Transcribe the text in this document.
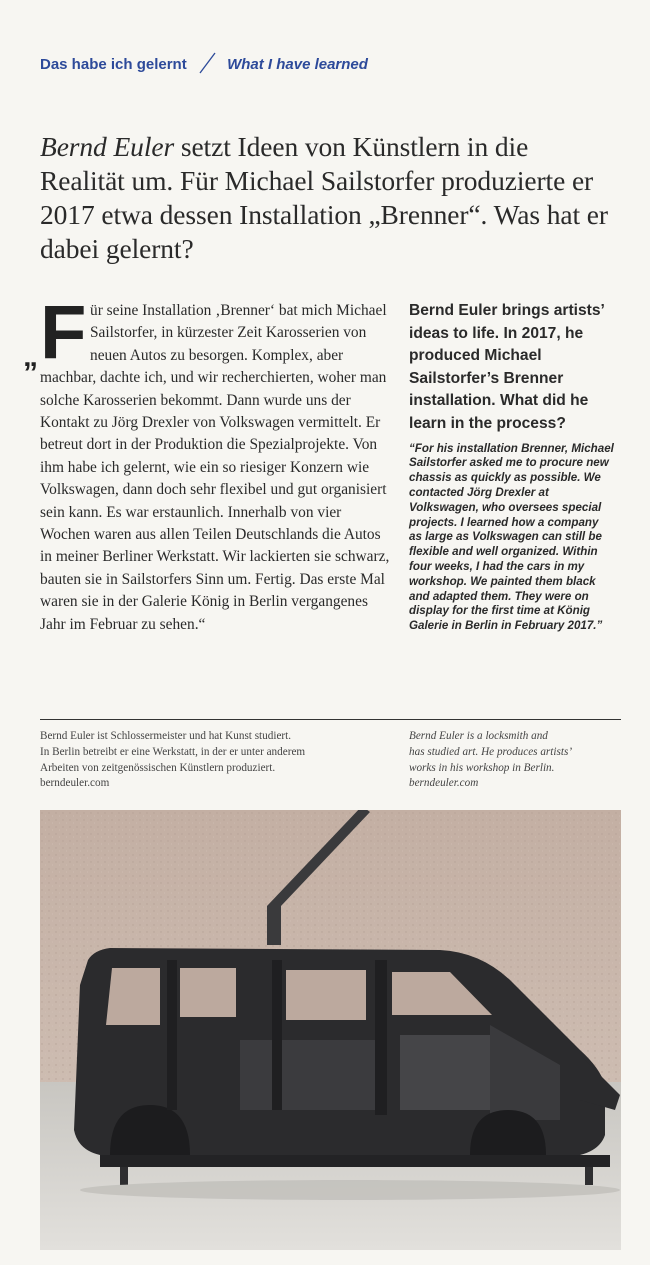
Das habe ich gelernt	What I have learned
Bernd Euler setzt Ideen von Künstlern in die Realität um. Für Michael Sailstorfer produzierte er 2017 etwa dessen Installation „Brenner“. Was hat er dabei gelernt?
„ F ür seine Installation ‚Brenner‘ bat mich Michael Sailstorfer, in kürzester Zeit Karosserien von neuen Autos zu besorgen. Komplex, aber machbar, dachte ich, und wir recherchierten, woher man solche Karosserien bekommt. Dann wurde uns der Kontakt zu Jörg Drexler von Volkswagen vermittelt. Er betreut dort in der Produktion die Spezialprojekte. Von ihm habe ich gelernt, wie ein so riesiger Konzern wie Volkswagen, dann doch sehr flexibel und gut organisiert sein kann. Es war erstaunlich. Innerhalb von vier Wochen waren aus allen Teilen Deutschlands die Autos in meiner Berliner Werkstatt. Wir lackierten sie schwarz, bauten sie in Sailstorfers Sinn um. Fertig. Das erste Mal waren sie in der Galerie König in Berlin vergangenes Jahr im Februar zu sehen.“
Bernd Euler brings artists’ ideas to life. In 2017, he produced Michael Sailstorfer’s Brenner installation. What did he learn in the process?
“For his installation Brenner, Michael Sailstorfer asked me to procure new chassis as quickly as possible. We contacted Jörg Drexler at Volkswagen, who oversees special projects. I learned how a company as large as Volkswagen can still be flexible and well organized. Within four weeks, I had the cars in my workshop. We painted them black and adapted them. They were on display for the first time at König Galerie in Berlin in February 2017.”
Bernd Euler ist Schlossermeister und hat Kunst studiert.
In Berlin betreibt er eine Werkstatt, in der er unter anderem
Arbeiten von zeitgenössischen Künstlern produziert.
berndeuler.com
Bernd Euler is a locksmith and
has studied art. He produces artists’
works in his workshop in Berlin.
berndeuler.com
